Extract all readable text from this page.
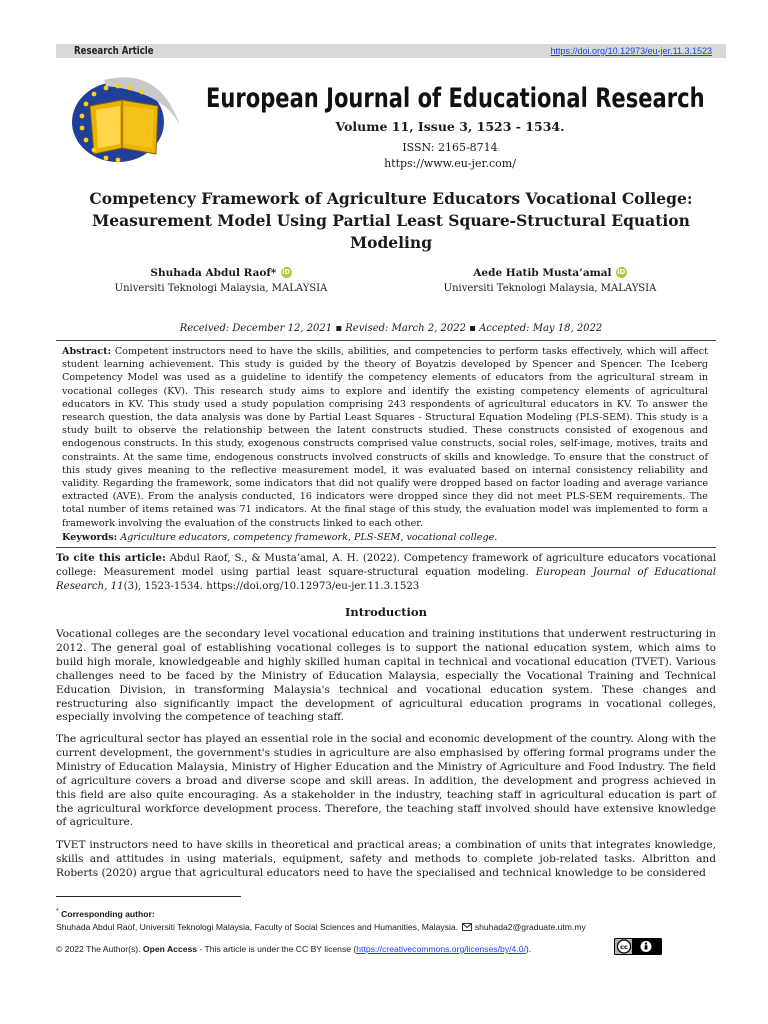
Research Article	https://doi.org/10.12973/eu-jer.11.3.1523
European Journal of Educational Research
Volume 11, Issue 3, 1523 - 1534.
ISSN: 2165-8714
https://www.eu-jer.com/
Competency Framework of Agriculture Educators Vocational College: Measurement Model Using Partial Least Square-Structural Equation Modeling
Shuhada Abdul Raof* iD
Universiti Teknologi Malaysia, MALAYSIA
Aede Hatib Musta’amal iD
Universiti Teknologi Malaysia, MALAYSIA
Received: December 12, 2021 ▪ Revised: March 2, 2022 ▪ Accepted: May 18, 2022
Abstract: Competent instructors need to have the skills, abilities, and competencies to perform tasks effectively, which will affect student learning achievement. This study is guided by the theory of Boyatzis developed by Spencer and Spencer. The Iceberg Competency Model was used as a guideline to identify the competency elements of educators from the agricultural stream in vocational colleges (KV). This research study aims to explore and identify the existing competency elements of agricultural educators in KV. This study used a study population comprising 243 respondents of agricultural educators in KV. To answer the research question, the data analysis was done by Partial Least Squares - Structural Equation Modeling (PLS-SEM). This study is a study built to observe the relationship between the latent constructs studied. These constructs consisted of exogenous and endogenous constructs. In this study, exogenous constructs comprised value constructs, social roles, self-image, motives, traits and constraints. At the same time, endogenous constructs involved constructs of skills and knowledge. To ensure that the construct of this study gives meaning to the reflective measurement model, it was evaluated based on internal consistency reliability and validity. Regarding the framework, some indicators that did not qualify were dropped based on factor loading and average variance extracted (AVE). From the analysis conducted, 16 indicators were dropped since they did not meet PLS-SEM requirements. The total number of items retained was 71 indicators. At the final stage of this study, the evaluation model was implemented to form a framework involving the evaluation of the constructs linked to each other.
Keywords: Agriculture educators, competency framework, PLS-SEM, vocational college.
To cite this article: Abdul Raof, S., & Musta’amal, A. H. (2022). Competency framework of agriculture educators vocational college: Measurement model using partial least square-structural equation modeling. European Journal of Educational Research, 11(3), 1523-1534. https://doi.org/10.12973/eu-jer.11.3.1523
Introduction

Vocational colleges are the secondary level vocational education and training institutions that underwent restructuring in 2012. The general goal of establishing vocational colleges is to support the national education system, which aims to build high morale, knowledgeable and highly skilled human capital in technical and vocational education (TVET). Various challenges need to be faced by the Ministry of Education Malaysia, especially the Vocational Training and Technical Education Division, in transforming Malaysia's technical and vocational education system. These changes and restructuring also significantly impact the development of agricultural education programs in vocational colleges, especially involving the competence of teaching staff.

The agricultural sector has played an essential role in the social and economic development of the country. Along with the current development, the government's studies in agriculture are also emphasised by offering formal programs under the Ministry of Education Malaysia, Ministry of Higher Education and the Ministry of Agriculture and Food Industry. The field of agriculture covers a broad and diverse scope and skill areas. In addition, the development and progress achieved in this field are also quite encouraging. As a stakeholder in the industry, teaching staff in agricultural education is part of the agricultural workforce development process. Therefore, the teaching staff involved should have extensive knowledge of agriculture.

TVET instructors need to have skills in theoretical and practical areas; a combination of units that integrates knowledge, skills and attitudes in using materials, equipment, safety and methods to complete job-related tasks. Albritton and Roberts (2020) argue that agricultural educators need to have the specialised and technical knowledge to be considered

* Corresponding author:
Shuhada Abdul Raof, Universiti Teknologi Malaysia, Faculty of Social Sciences and Humanities, Malaysia. shuhada2@graduate.utm.my
© 2022 The Author(s). Open Access - This article is under the CC BY license (https://creativecommons.org/licenses/by/4.0/).	cc
